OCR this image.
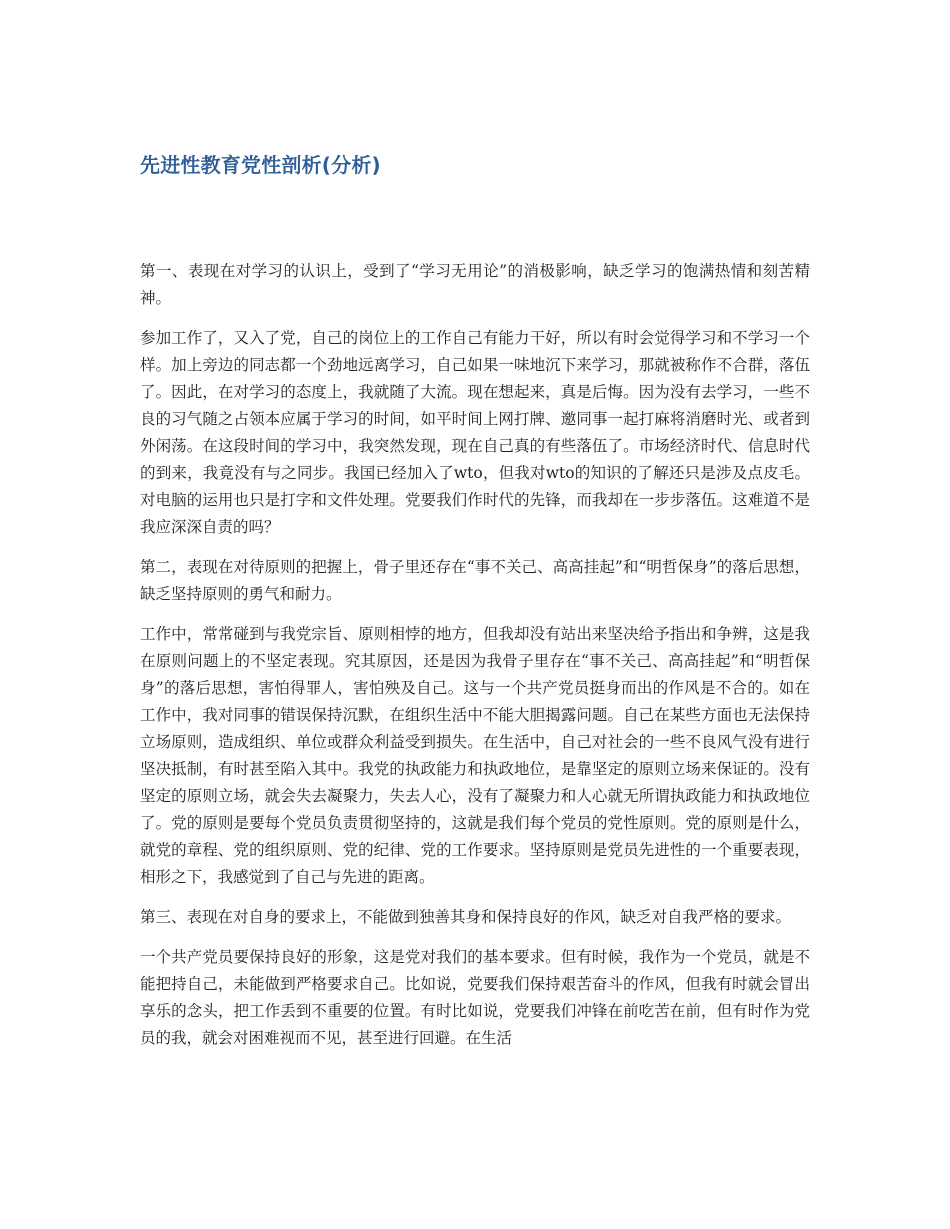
先进性教育党性剖析(分析)

第一、表现在对学习的认识上，受到了“学习无用论”的消极影响，缺乏学习的饱满热情和刻苦精神。

参加工作了，又入了党，自己的岗位上的工作自己有能力干好，所以有时会觉得学习和不学习一个样。加上旁边的同志都一个劲地远离学习，自己如果一味地沉下来学习，那就被称作不合群，落伍了。因此，在对学习的态度上，我就随了大流。现在想起来，真是后悔。因为没有去学习，一些不良的习气随之占领本应属于学习的时间，如平时间上网打牌、邀同事一起打麻将消磨时光、或者到外闲荡。在这段时间的学习中，我突然发现，现在自己真的有些落伍了。市场经济时代、信息时代的到来，我竟没有与之同步。我国已经加入了wto，但我对wto的知识的了解还只是涉及点皮毛。对电脑的运用也只是打字和文件处理。党要我们作时代的先锋，而我却在一步步落伍。这难道不是我应深深自责的吗？

第二，表现在对待原则的把握上，骨子里还存在“事不关己、高高挂起”和“明哲保身”的落后思想，缺乏坚持原则的勇气和耐力。

工作中，常常碰到与我党宗旨、原则相悖的地方，但我却没有站出来坚决给予指出和争辨，这是我在原则问题上的不坚定表现。究其原因，还是因为我骨子里存在“事不关己、高高挂起”和“明哲保身”的落后思想，害怕得罪人，害怕殃及自己。这与一个共产党员挺身而出的作风是不合的。如在工作中，我对同事的错误保持沉默，在组织生活中不能大胆揭露问题。自己在某些方面也无法保持立场原则，造成组织、单位或群众利益受到损失。在生活中，自己对社会的一些不良风气没有进行坚决抵制，有时甚至陷入其中。我党的执政能力和执政地位，是靠坚定的原则立场来保证的。没有坚定的原则立场，就会失去凝聚力，失去人心，没有了凝聚力和人心就无所谓执政能力和执政地位了。党的原则是要每个党员负责贯彻坚持的，这就是我们每个党员的党性原则。党的原则是什么，就党的章程、党的组织原则、党的纪律、党的工作要求。坚持原则是党员先进性的一个重要表现，相形之下，我感觉到了自己与先进的距离。

第三、表现在对自身的要求上，不能做到独善其身和保持良好的作风，缺乏对自我严格的要求。

一个共产党员要保持良好的形象，这是党对我们的基本要求。但有时候，我作为一个党员，就是不能把持自己，未能做到严格要求自己。比如说，党要我们保持艰苦奋斗的作风，但我有时就会冒出享乐的念头，把工作丢到不重要的位置。有时比如说，党要我们冲锋在前吃苦在前，但有时作为党员的我，就会对困难视而不见，甚至进行回避。在生活
